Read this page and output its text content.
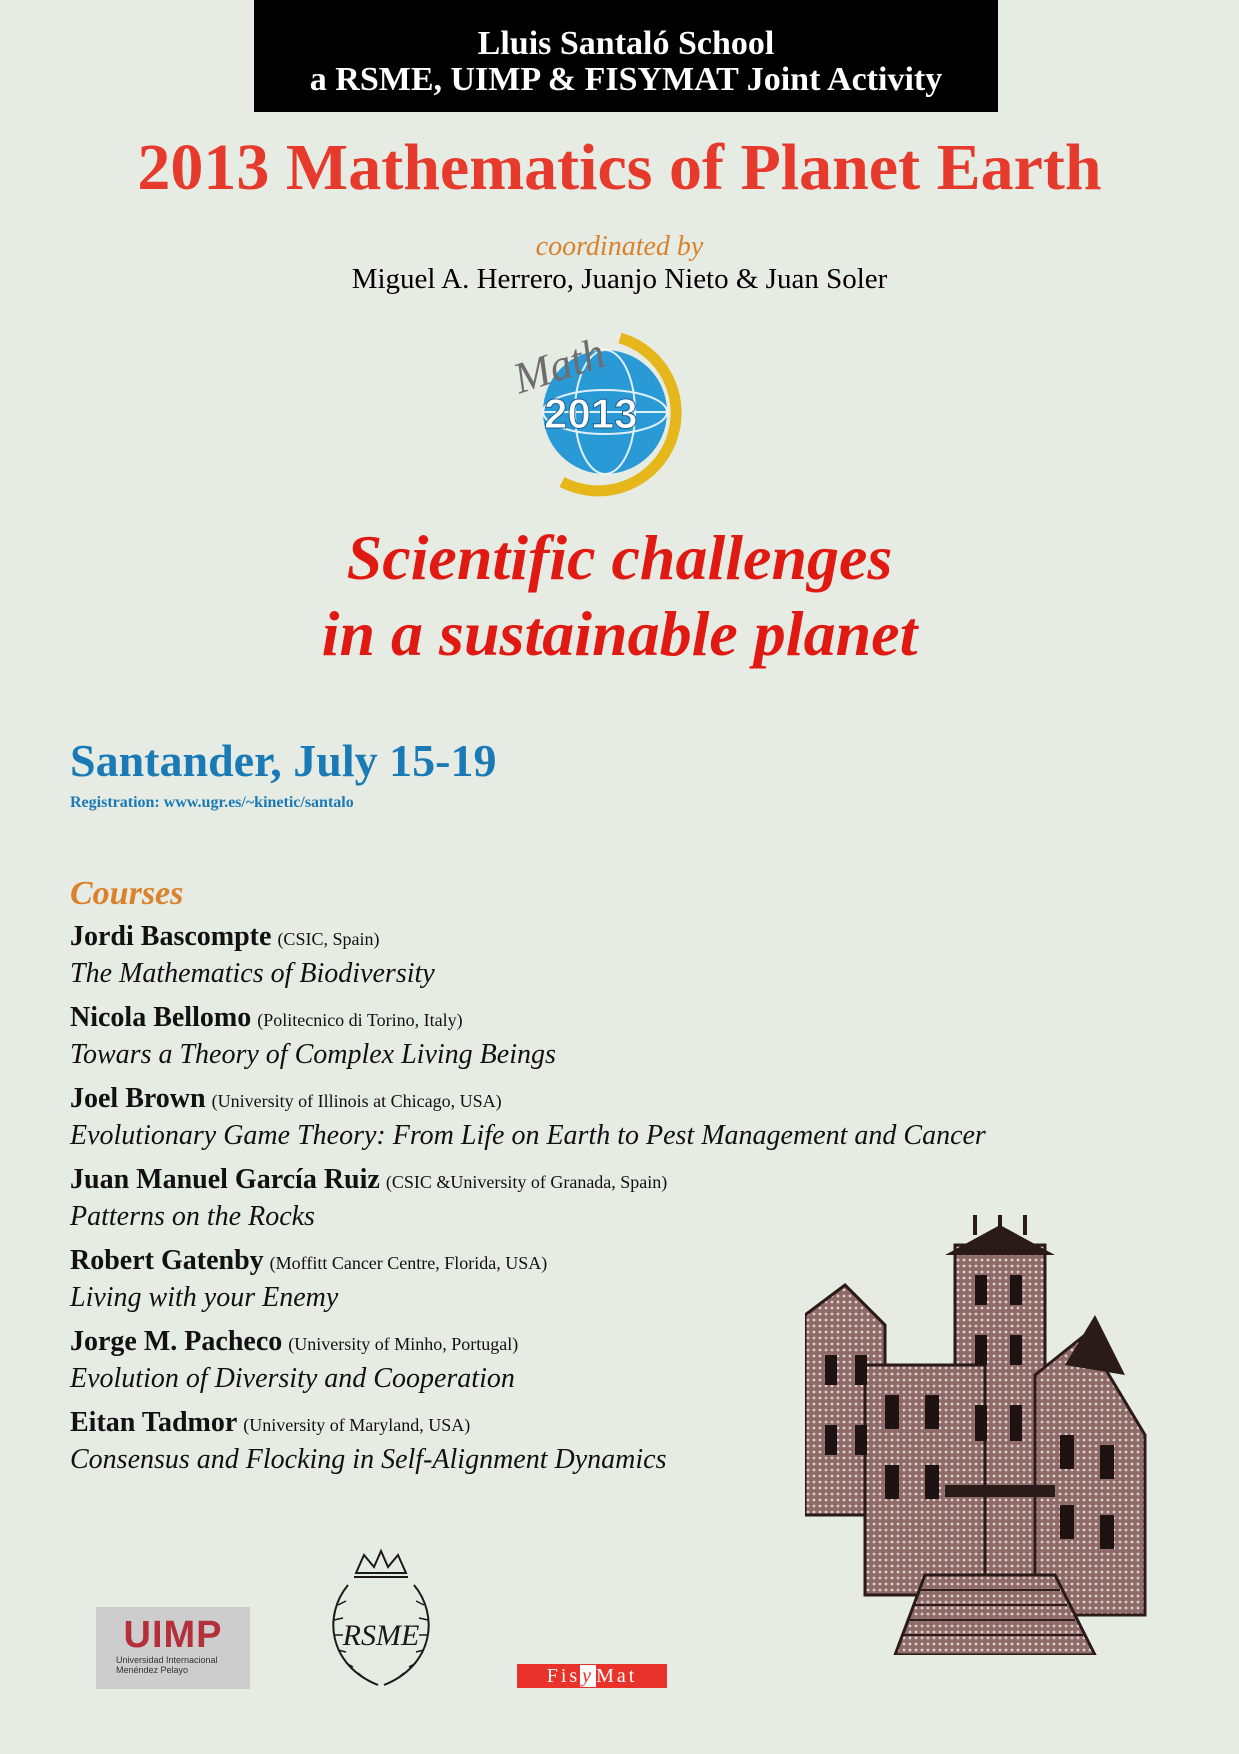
Lluis Santaló School
a RSME, UIMP & FISYMAT Joint Activity
2013 Mathematics of Planet Earth
coordinated by
Miguel A. Herrero, Juanjo Nieto & Juan Soler
Math
2013
Scientific challenges
in a sustainable planet
Santander, July 15-19
Registration: www.ugr.es/~kinetic/santalo
Courses
Jordi Bascompte (CSIC, Spain)
The Mathematics of Biodiversity
Nicola Bellomo (Politecnico di Torino, Italy)
Towars a Theory of Complex Living Beings
Joel Brown (University of Illinois at Chicago, USA)
Evolutionary Game Theory: From Life on Earth to Pest Management and Cancer
Juan Manuel García Ruiz (CSIC &University of Granada, Spain)
Patterns on the Rocks
Robert Gatenby (Moffitt Cancer Centre, Florida, USA)
Living with your Enemy
Jorge M. Pacheco (University of Minho, Portugal)
Evolution of Diversity and Cooperation
Eitan Tadmor (University of Maryland, USA)
Consensus and Flocking in Self-Alignment Dynamics
UIMP
Universidad Internacional
Menéndez Pelayo
RSME
Fis y Mat
